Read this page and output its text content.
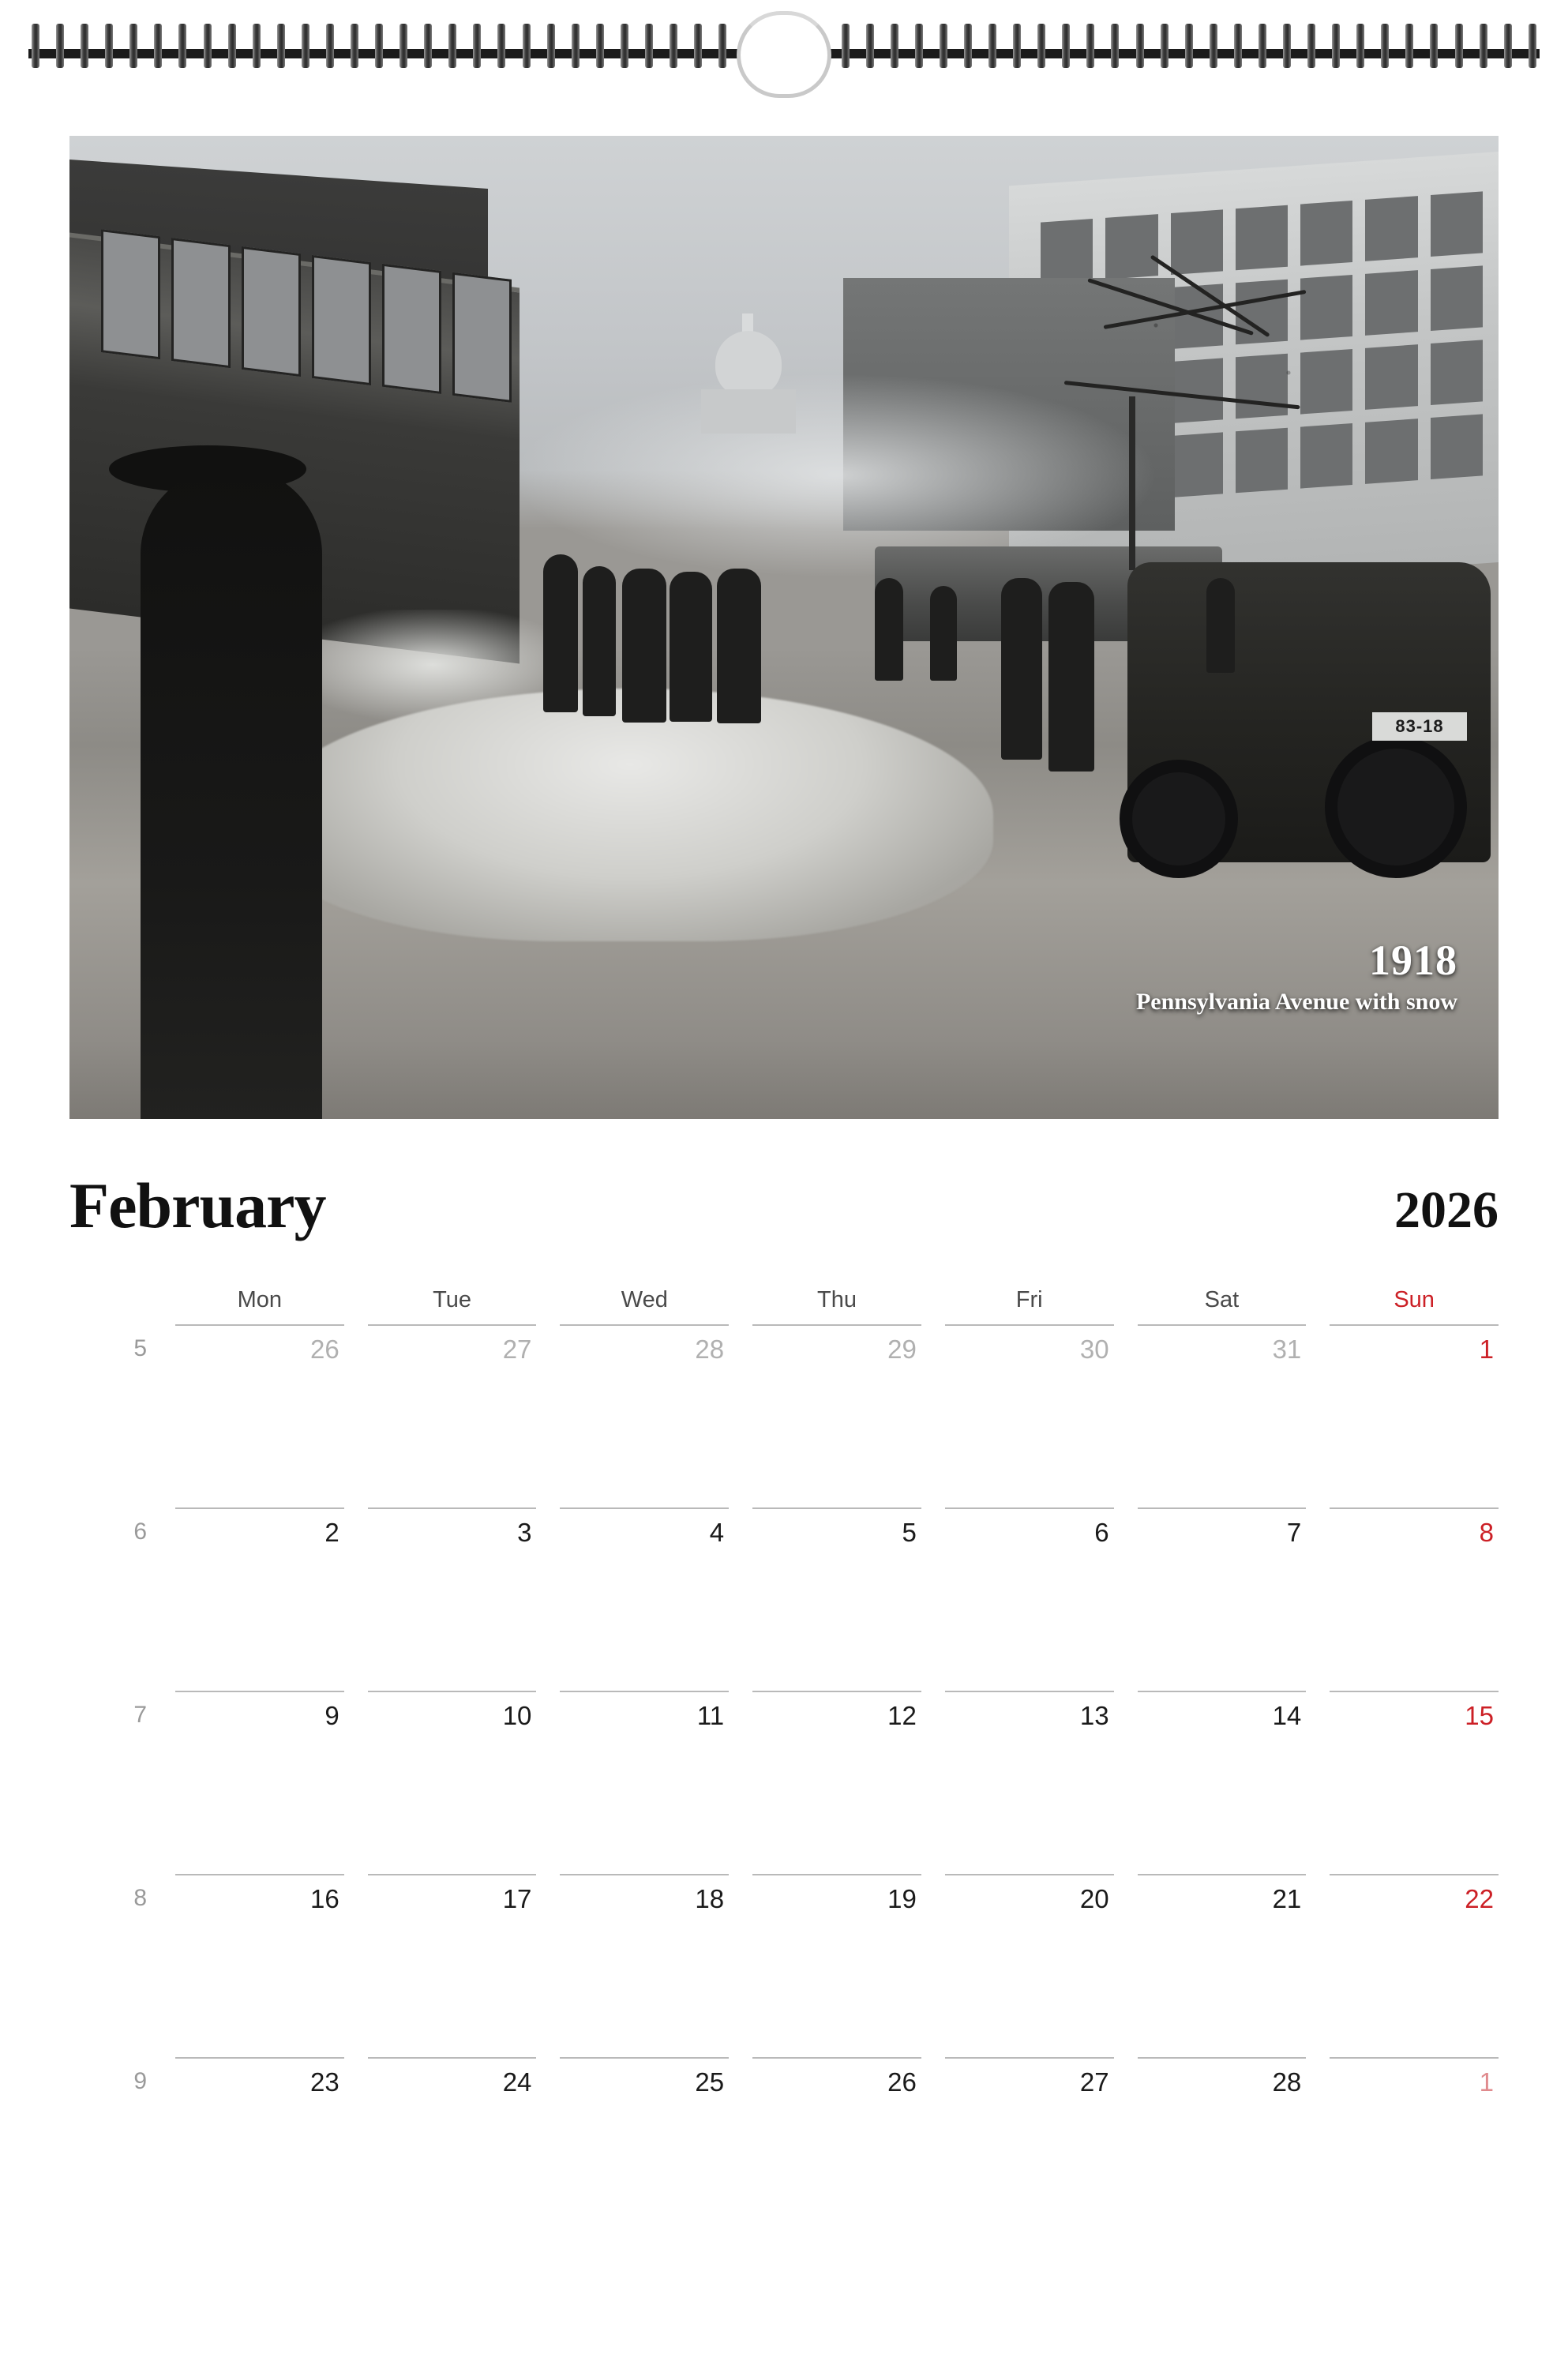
83-18
1918
Pennsylvania Avenue with snow
February	2026
Mon	Tue	Wed	Thu	Fri	Sat	Sun
5	26	27	28	29	30	31	1
6	2	3	4	5	6	7	8
7	9	10	11	12	13	14	15
8	16	17	18	19	20	21	22
9	23	24	25	26	27	28	1
